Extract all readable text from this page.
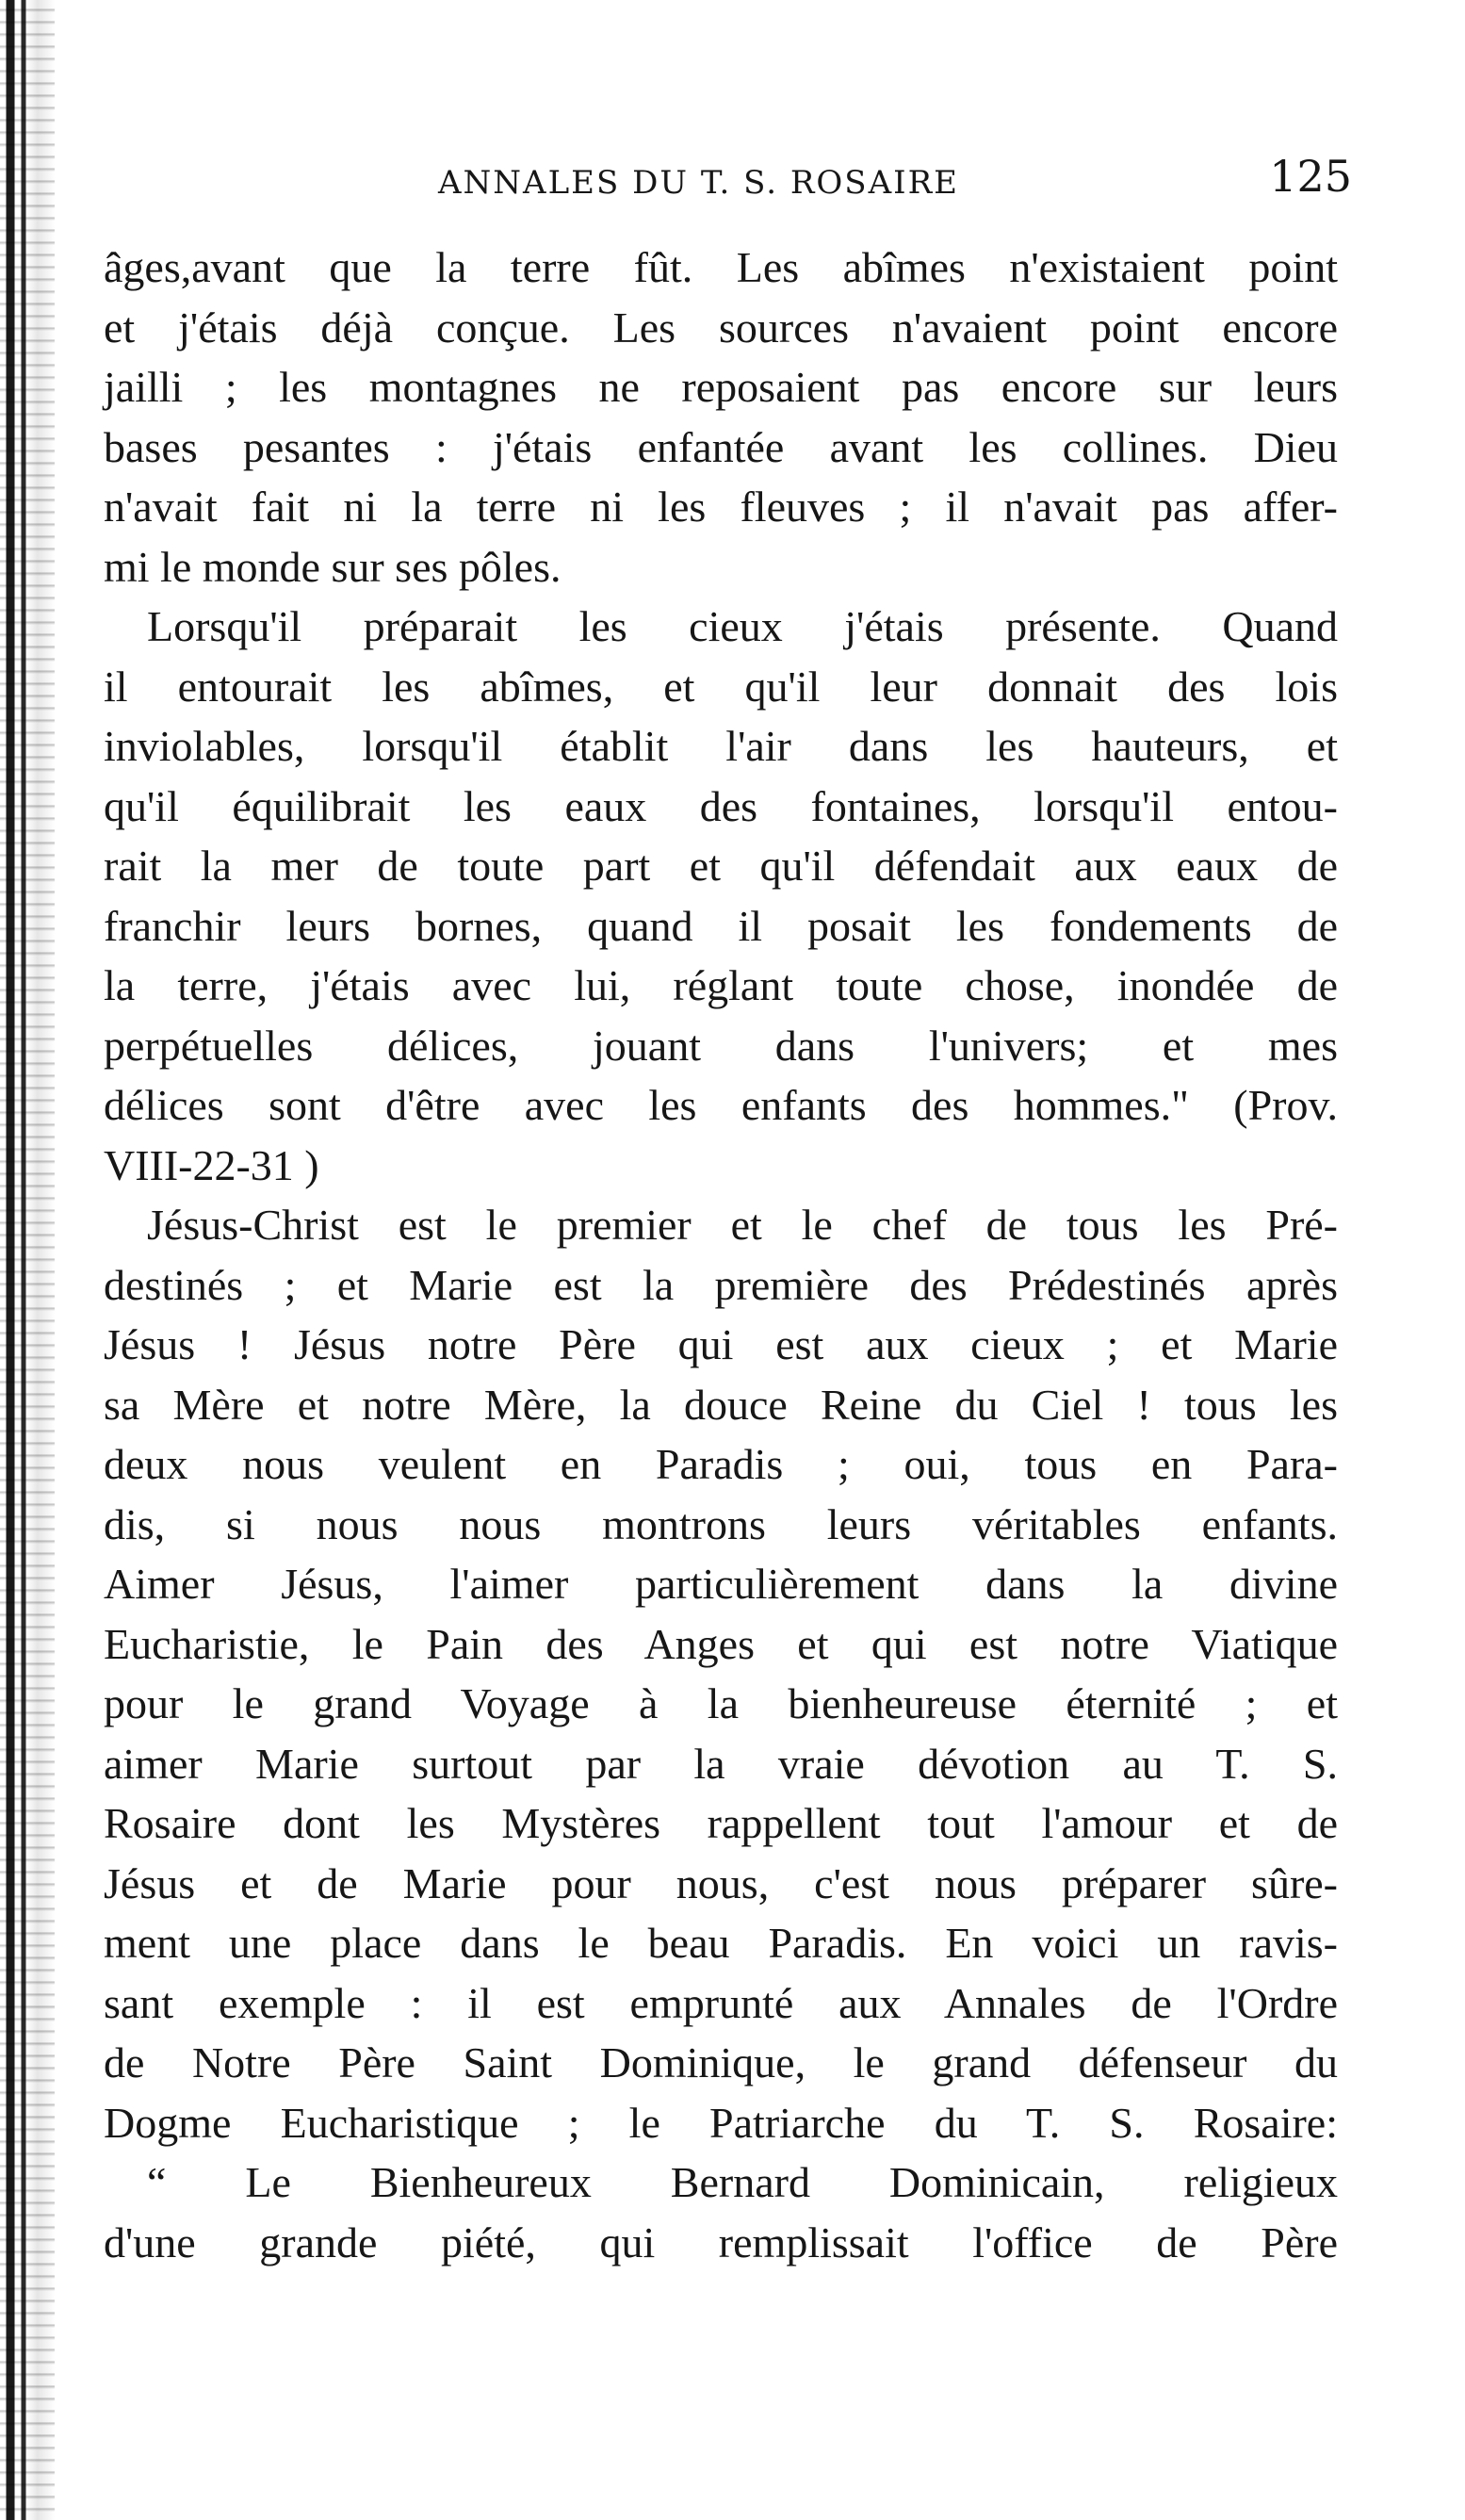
ANNALES DU T. S. ROSAIRE	125
âges,avant que la terre fût. Les abîmes n'existaient point
et j'étais déjà conçue. Les sources n'avaient point encore
jailli ; les montagnes ne reposaient pas encore sur leurs
bases pesantes : j'étais enfantée avant les collines. Dieu
n'avait fait ni la terre ni les fleuves ; il n'avait pas affer-
mi le monde sur ses pôles.
Lorsqu'il préparait les cieux j'étais présente. Quand
il entourait les abîmes, et qu'il leur donnait des lois
inviolables, lorsqu'il établit l'air dans les hauteurs, et
qu'il équilibrait les eaux des fontaines, lorsqu'il entou-
rait la mer de toute part et qu'il défendait aux eaux de
franchir leurs bornes, quand il posait les fondements de
la terre, j'étais avec lui, réglant toute chose, inondée de
perpétuelles délices, jouant dans l'univers; et mes
délices sont d'être avec les enfants des hommes." (Prov.
VIII-22-31 )
Jésus-Christ est le premier et le chef de tous les Pré-
destinés ; et Marie est la première des Prédestinés après
Jésus ! Jésus notre Père qui est aux cieux ; et Marie
sa Mère et notre Mère, la douce Reine du Ciel ! tous les
deux nous veulent en Paradis ; oui, tous en Para-
dis, si nous nous montrons leurs véritables enfants.
Aimer Jésus, l'aimer particulièrement dans la divine
Eucharistie, le Pain des Anges et qui est notre Viatique
pour le grand Voyage à la bienheureuse éternité ; et
aimer Marie surtout par la vraie dévotion au T. S.
Rosaire dont les Mystères rappellent tout l'amour et de
Jésus et de Marie pour nous, c'est nous préparer sûre-
ment une place dans le beau Paradis. En voici un ravis-
sant exemple : il est emprunté aux Annales de l'Ordre
de Notre Père Saint Dominique, le grand défenseur du
Dogme Eucharistique ; le Patriarche du T. S. Rosaire:
“ Le Bienheureux Bernard Dominicain, religieux
d'une grande piété, qui remplissait l'office de Père
